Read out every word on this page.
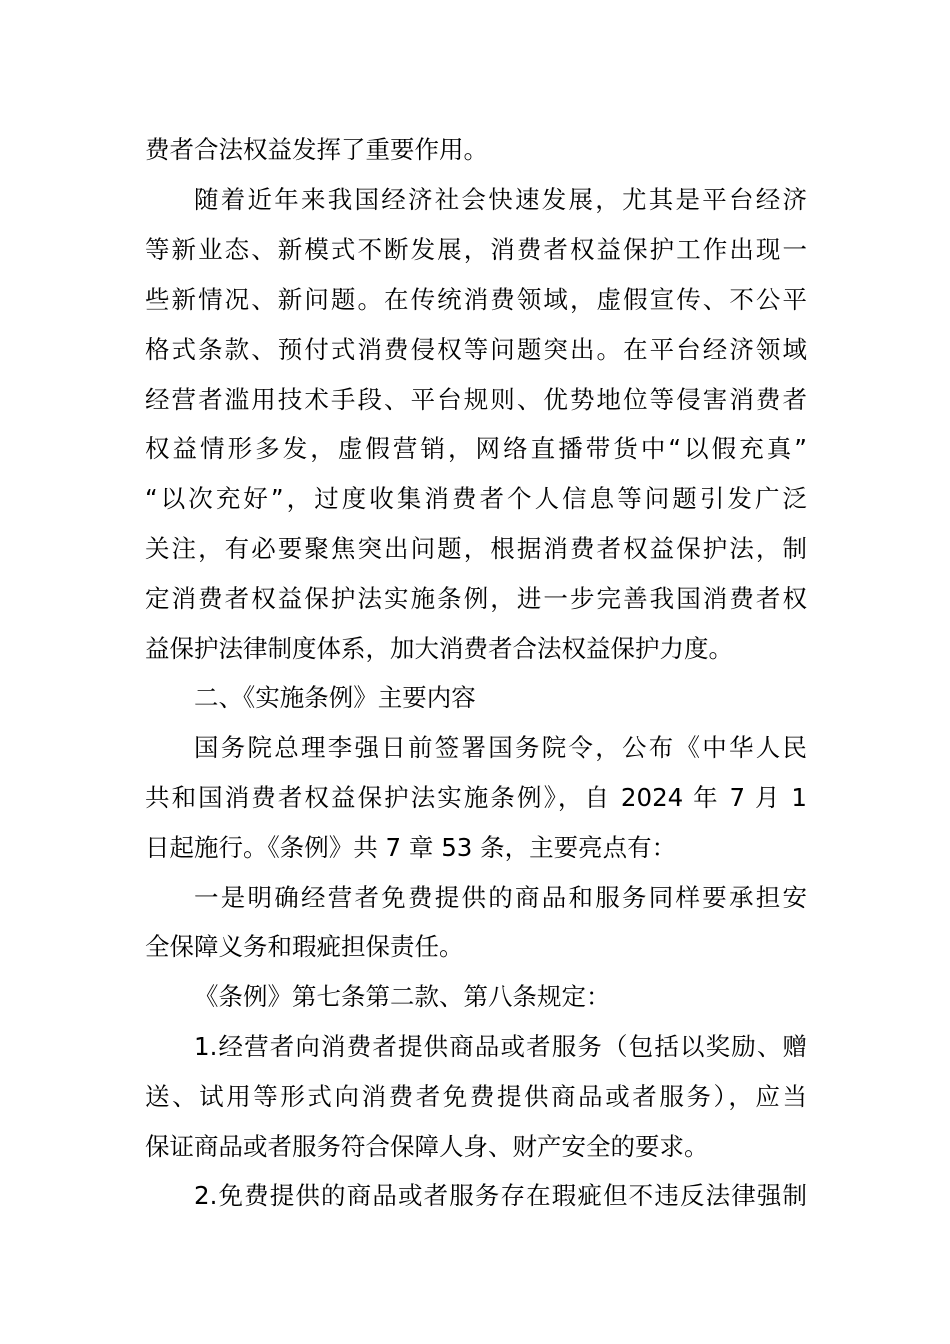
费者合法权益发挥了重要作用。
随着近年来我国经济社会快速发展，尤其是平台经济
等新业态、新模式不断发展，消费者权益保护工作出现一
些新情况、新问题。在传统消费领域，虚假宣传、不公平
格式条款、预付式消费侵权等问题突出。在平台经济领域
经营者滥用技术手段、平台规则、优势地位等侵害消费者
权益情形多发，虚假营销，网络直播带货中“以假充真”
“以次充好”，过度收集消费者个人信息等问题引发广泛
关注，有必要聚焦突出问题，根据消费者权益保护法，制
定消费者权益保护法实施条例，进一步完善我国消费者权
益保护法律制度体系，加大消费者合法权益保护力度。
二、《实施条例》主要内容
国务院总理李强日前签署国务院令，公布《中华人民
共和国消费者权益保护法实施条例》，自 2024 年 7 月 1
日起施行。《条例》共 7 章 53 条，主要亮点有：
一是明确经营者免费提供的商品和服务同样要承担安
全保障义务和瑕疵担保责任。
《条例》第七条第二款、第八条规定：
1.经营者向消费者提供商品或者服务（包括以奖励、赠
送、试用等形式向消费者免费提供商品或者服务），应当
保证商品或者服务符合保障人身、财产安全的要求。
2.免费提供的商品或者服务存在瑕疵但不违反法律强制
